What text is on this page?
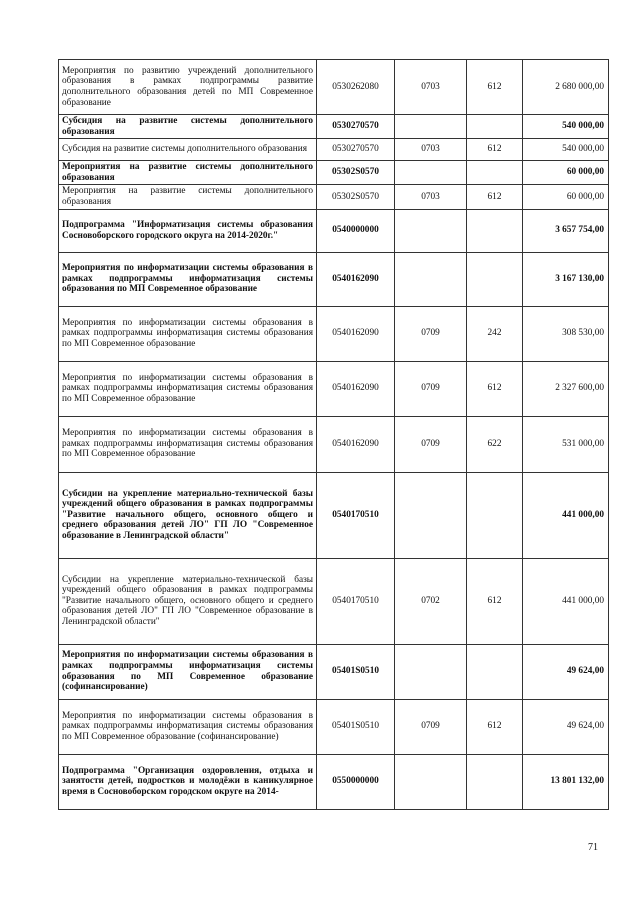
Мероприятия по развитию учреждений дополнительного образования в рамках подпрограммы развитие дополнительного образования детей по МП Современное образование	0530262080	0703	612	2 680 000,00
Субсидия на развитие системы дополнительного образования	0530270570			540 000,00
Субсидия на развитие системы дополнительного образования	0530270570	0703	612	540 000,00
Мероприятия на развитие системы дополнительного образования	05302S0570			60 000,00
Мероприятия на развитие системы дополнительного образования	05302S0570	0703	612	60 000,00
Подпрограмма "Информатизация системы образования Сосновоборского городского округа на 2014-2020г."	0540000000			3 657 754,00
Мероприятия по информатизации системы образования в рамках подпрограммы информатизация системы образования по МП Современное образование	0540162090			3 167 130,00
Мероприятия по информатизации системы образования в рамках подпрограммы информатизация системы образования по МП Современное образование	0540162090	0709	242	308 530,00
Мероприятия по информатизации системы образования в рамках подпрограммы информатизация системы образования по МП Современное образование	0540162090	0709	612	2 327 600,00
Мероприятия по информатизации системы образования в рамках подпрограммы информатизация системы образования по МП Современное образование	0540162090	0709	622	531 000,00
Субсидии на укрепление материально-технической базы учреждений общего образования в рамках подпрограммы "Развитие начального общего, основного общего и среднего образования детей ЛО" ГП ЛО "Современное образование в Ленинградской области"	0540170510			441 000,00
Субсидии на укрепление материально-технической базы учреждений общего образования в рамках подпрограммы "Развитие начального общего, основного общего и среднего образования детей ЛО" ГП ЛО "Современное образование в Ленинградской области"	0540170510	0702	612	441 000,00
Мероприятия по информатизации системы образования в рамках подпрограммы информатизация системы образования по МП Современное образование (софинансирование)	05401S0510			49 624,00
Мероприятия по информатизации системы образования в рамках подпрограммы информатизация системы образования по МП Современное образование (софинансирование)	05401S0510	0709	612	49 624,00
Подпрограмма "Организация оздоровления, отдыха и занятости детей, подростков и молодёжи в каникулярное время в Сосновоборском городском округе на 2014-	0550000000			13 801 132,00
71
